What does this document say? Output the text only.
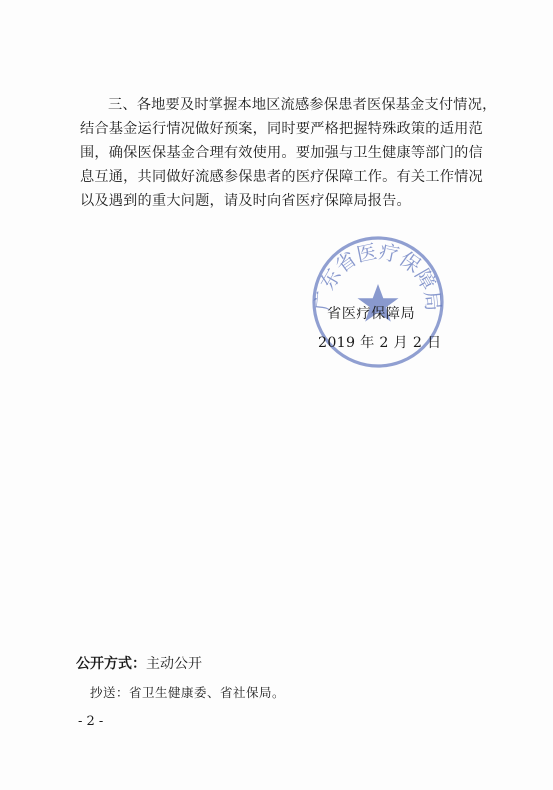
三、各地要及时掌握本地区流感参保患者医保基金支付情况，
结合基金运行情况做好预案，同时要严格把握特殊政策的适用范
围，确保医保基金合理有效使用。要加强与卫生健康等部门的信
息互通，共同做好流感参保患者的医疗保障工作。有关工作情况
以及遇到的重大问题，请及时向省医疗保障局报告。
广东省医疗保障局
省医疗保障局
2019 年 2 月 2 日
公开方式：主动公开
抄送：省卫生健康委、省社保局。
- 2 -
